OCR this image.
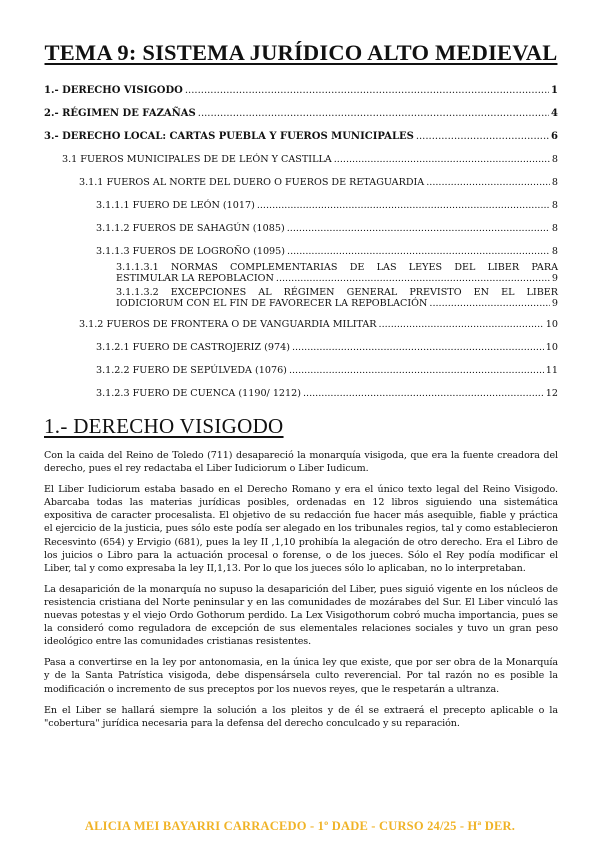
TEMA 9: SISTEMA JURÍDICO ALTO MEDIEVAL
1.- DERECHO VISIGODO .....	1
2.- RÉGIMEN DE FAZAÑAS .....	4
3.- DERECHO LOCAL: CARTAS PUEBLA Y FUEROS MUNICIPALES .....	6
3.1 FUEROS MUNICIPALES DE DE LEÓN Y CASTILLA .....	8
3.1.1 FUEROS AL NORTE DEL DUERO O FUEROS DE RETAGUARDIA .....	8
3.1.1.1 FUERO DE LEÓN (1017) .....	8
3.1.1.2 FUEROS DE SAHAGÚN (1085) .....	8
3.1.1.3 FUEROS DE LOGROÑO (1095) .....	8
3.1.1.3.1 NORMAS COMPLEMENTARIAS DE LAS LEYES DEL LIBER PARA
ESTIMULAR LA REPOBLACION .....	9
3.1.1.3.2 EXCEPCIONES AL RÉGIMEN GENERAL PREVISTO EN EL LIBER
IODICIORUM CON EL FIN DE FAVORECER LA REPOBLACIÓN .....	9
3.1.2 FUEROS DE FRONTERA O DE VANGUARDIA MILITAR .....	10
3.1.2.1 FUERO DE CASTROJERIZ (974) .....	10
3.1.2.2 FUERO DE SEPÚLVEDA (1076) .....	11
3.1.2.3 FUERO DE CUENCA (1190/ 1212) .....	12
1.- DERECHO VISIGODO

Con la caida del Reino de Toledo (711) desapareció la monarquía visigoda, que era la fuente creadora del derecho, pues el rey redactaba el Liber Iudiciorum o Liber Iudicum.

El Liber Iudiciorum estaba basado en el Derecho Romano y era el único texto legal del Reino Visigodo. Abarcaba todas las materias jurídicas posibles, ordenadas en 12 libros siguiendo una sistemática expositiva de caracter procesalista. El objetivo de su redacción fue hacer más asequible, fiable y práctica el ejercicio de la justicia, pues sólo este podía ser alegado en los tribunales regios, tal y como establecieron Recesvinto (654) y Ervigio (681), pues la ley II ,1,10 prohibía la alegación de otro derecho. Era el Libro de los juicios o Libro para la actuación procesal o forense, o de los jueces. Sólo el Rey podía modificar el Liber, tal y como expresaba la ley II,1,13. Por lo que los jueces sólo lo aplicaban, no lo interpretaban.

La desaparición de la monarquía no supuso la desaparición del Liber, pues siguió vigente en los núcleos de resistencia cristiana del Norte peninsular y en las comunidades de mozárabes del Sur. El Liber vinculó las nuevas potestas y el viejo Ordo Gothorum perdido. La Lex Visigothorum cobró mucha importancia, pues se la consideró como reguladora de excepción de sus elementales relaciones sociales y tuvo un gran peso ideológico entre las comunidades cristianas resistentes.

Pasa a convertirse en la ley por antonomasia, en la única ley que existe, que por ser obra de la Monarquía y de la Santa Patrística visigoda, debe dispensársela culto reverencial. Por tal razón no es posible la modificación o incremento de sus preceptos por los nuevos reyes, que le respetarán a ultranza.

En el Liber se hallará siempre la solución a los pleitos y de él se extraerá el precepto aplicable o la "cobertura" jurídica necesaria para la defensa del derecho conculcado y su reparación.

ALICIA MEI BAYARRI CARRACEDO - 1º DADE - CURSO 24/25 - Hª DER.
